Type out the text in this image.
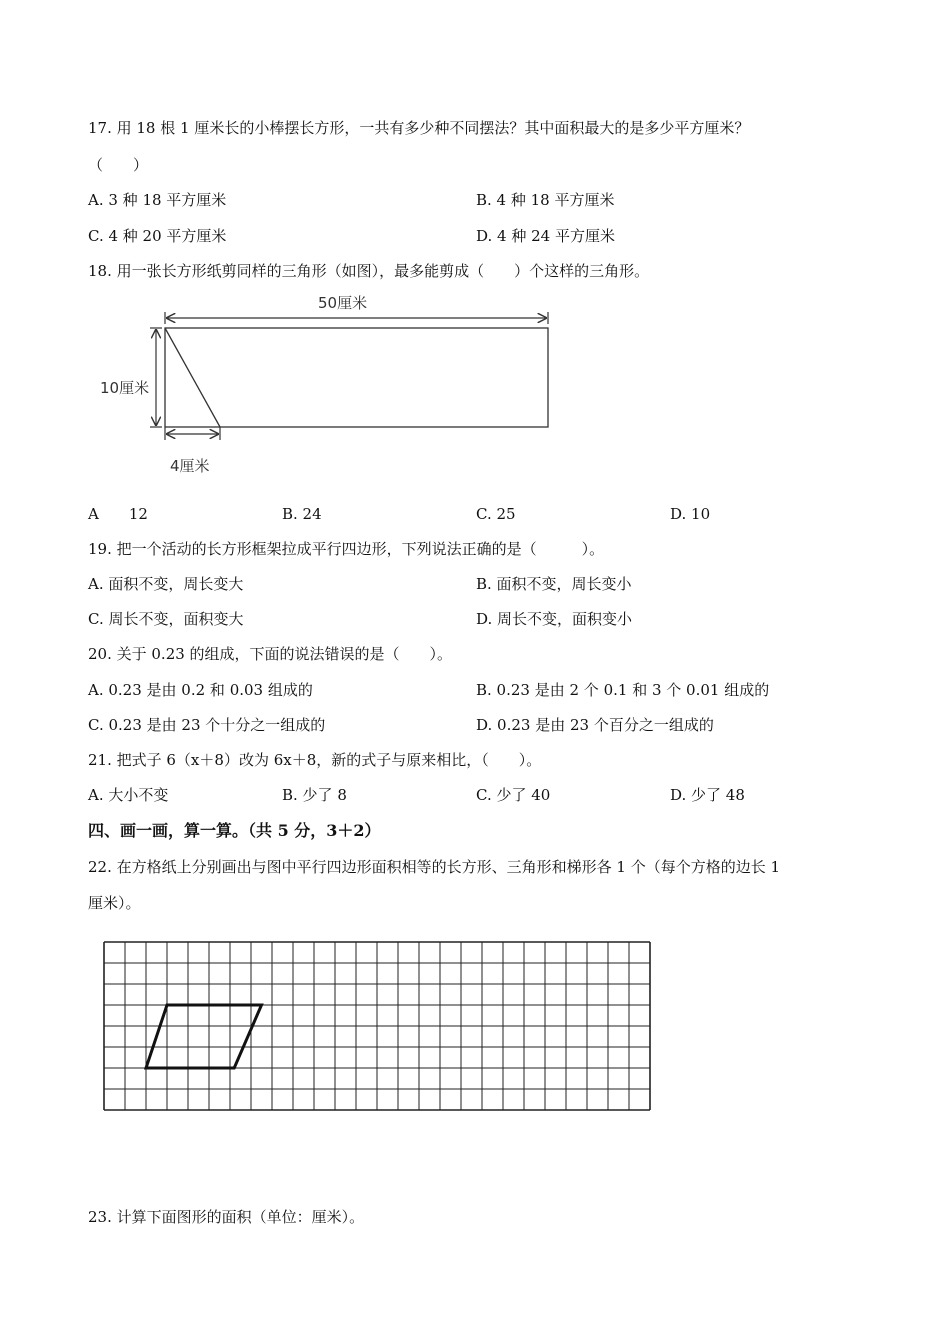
17. 用 18 根 1 厘米长的小棒摆长方形，一共有多少种不同摆法？其中面积最大的是多少平方厘米？
（　　）
A. 3 种 18 平方厘米	B. 4 种 18 平方厘米
C. 4 种 20 平方厘米	D. 4 种 24 平方厘米
18. 用一张长方形纸剪同样的三角形（如图），最多能剪成（　　）个这样的三角形。
50厘米
10厘米
4厘米
A　　12	B. 24	C. 25	D. 10
19. 把一个活动的长方形框架拉成平行四边形，下列说法正确的是（　　　）。
A. 面积不变，周长变大	B. 面积不变，周长变小
C. 周长不变，面积变大	D. 周长不变，面积变小
20. 关于 0.23 的组成，下面的说法错误的是（　　）。
A. 0.23 是由 0.2 和 0.03 组成的	B. 0.23 是由 2 个 0.1 和 3 个 0.01 组成的
C. 0.23 是由 23 个十分之一组成的	D. 0.23 是由 23 个百分之一组成的
21. 把式子 6（x＋8）改为 6x＋8，新的式子与原来相比，（　　）。
A. 大小不变	B. 少了 8	C. 少了 40	D. 少了 48
四、画一画，算一算。（共 5 分，3＋2）
22. 在方格纸上分别画出与图中平行四边形面积相等的长方形、三角形和梯形各 1 个（每个方格的边长 1
厘米）。
23. 计算下面图形的面积（单位：厘米）。
